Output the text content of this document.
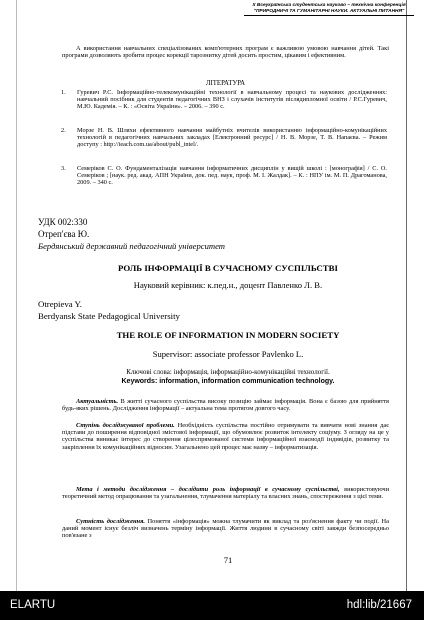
X Всеукраїнська студентська науково – технічна конференція
"ПРИРОДНИЧІ ТА ГУМАНІТАРНІ НАУКИ. АКТУАЛЬНІ ПИТАННЯ"
А використання навчальних спеціалізованих комп'ютерних програм є важливою умовою навчання дітей. Такі програми дозволяють зробити процес корекції тарознитку дітей досить простим, цікавим і ефективним.
ЛІТЕРАТУРА
1. Гуревич Р.С. Інформаційно-телекомунікаційні технології в навчальному процесі та наукових дослідженнях: навчальний посібник для студентів педагогічних ВНЗ і слухачів інститутів післядипломної освіти / Р.С.Гуревич, М.Ю. Кадемія. – К. : «Освіта України». – 2006. – 390 с.
2. Морзе Н. В. Шляхи ефективного навчання майбутніх вчителів використанню інформаційно-комунікаційних технологій в педагогічних навчальних закладах [Електронний ресурс] / Н. В. Морзе, Т. В. Напаєва. – Режим доступу : http://ieach.com.ua/about/publ_intel/.
3. Семеріков С. О. Фундаменталізація навчання інформатичних дисциплін у вищій школі : [монографія] / С. О. Семеріков ; [наук. ред. акад. АПН України, док. пед. наук, проф. М. І. Жалдак]. – К. : НПУ ім. М. П. Драгоманова, 2009. – 340 с.
УДК 002:330
Отреп'єва Ю.
Бердянський державний педагогічний університет
РОЛЬ ІНФОРМАЦІЇ В СУЧАСНОМУ СУСПІЛЬСТВІ
Науковий керівник: к.пед.н., доцент Павленко Л. В.
Otrepieva Y.
Berdyansk State Pedagogical University
THE ROLE OF INFORMATION IN MODERN SOCIETY
Supervisor: associate professor Pavlenko L.
Ключові слова: інформація, інформаційно-комунікаційні технології.
Keywords: information, information communication technology.
Актуальність. В житті сучасного суспільства високу позицію займає інформація. Вона є базою для прийняття будь-яких рішень. Дослідження інформації – актуальна тема протягом довгого часу.
Ступінь досліджуваної проблеми. Необхідність суспільства постійно отримувати та вивчати нові знання дає підстави до поширення відповідної змістової інформації, що обумовлює розвиток інтелекту соціуму. З огляду на це у суспільства виникає інтерес до створення цілеспрямованої системи інформаційної взаємодії індивідів, розвитку та закріплення їх комунікаційних відносин. Узагальнено цей процес має назву – інформатизація.
Мета і методи дослідження – дослідити роль інформації в сучасному суспільстві, використовуючи теоретичний метод опрацювання та узагальнення, тлумачення матеріалу та власних знань, спостереження з цієї теми.
Сутність дослідження. Поняття «інформація» можна тлумачити як виклад та роз'яснення факту чи події. На даний момент існує безліч визначень терміну інформації. Життя людини в сучасному світі завжди безпосередньо пов'язане з
71
ELARTU	hdl:lib/21667
